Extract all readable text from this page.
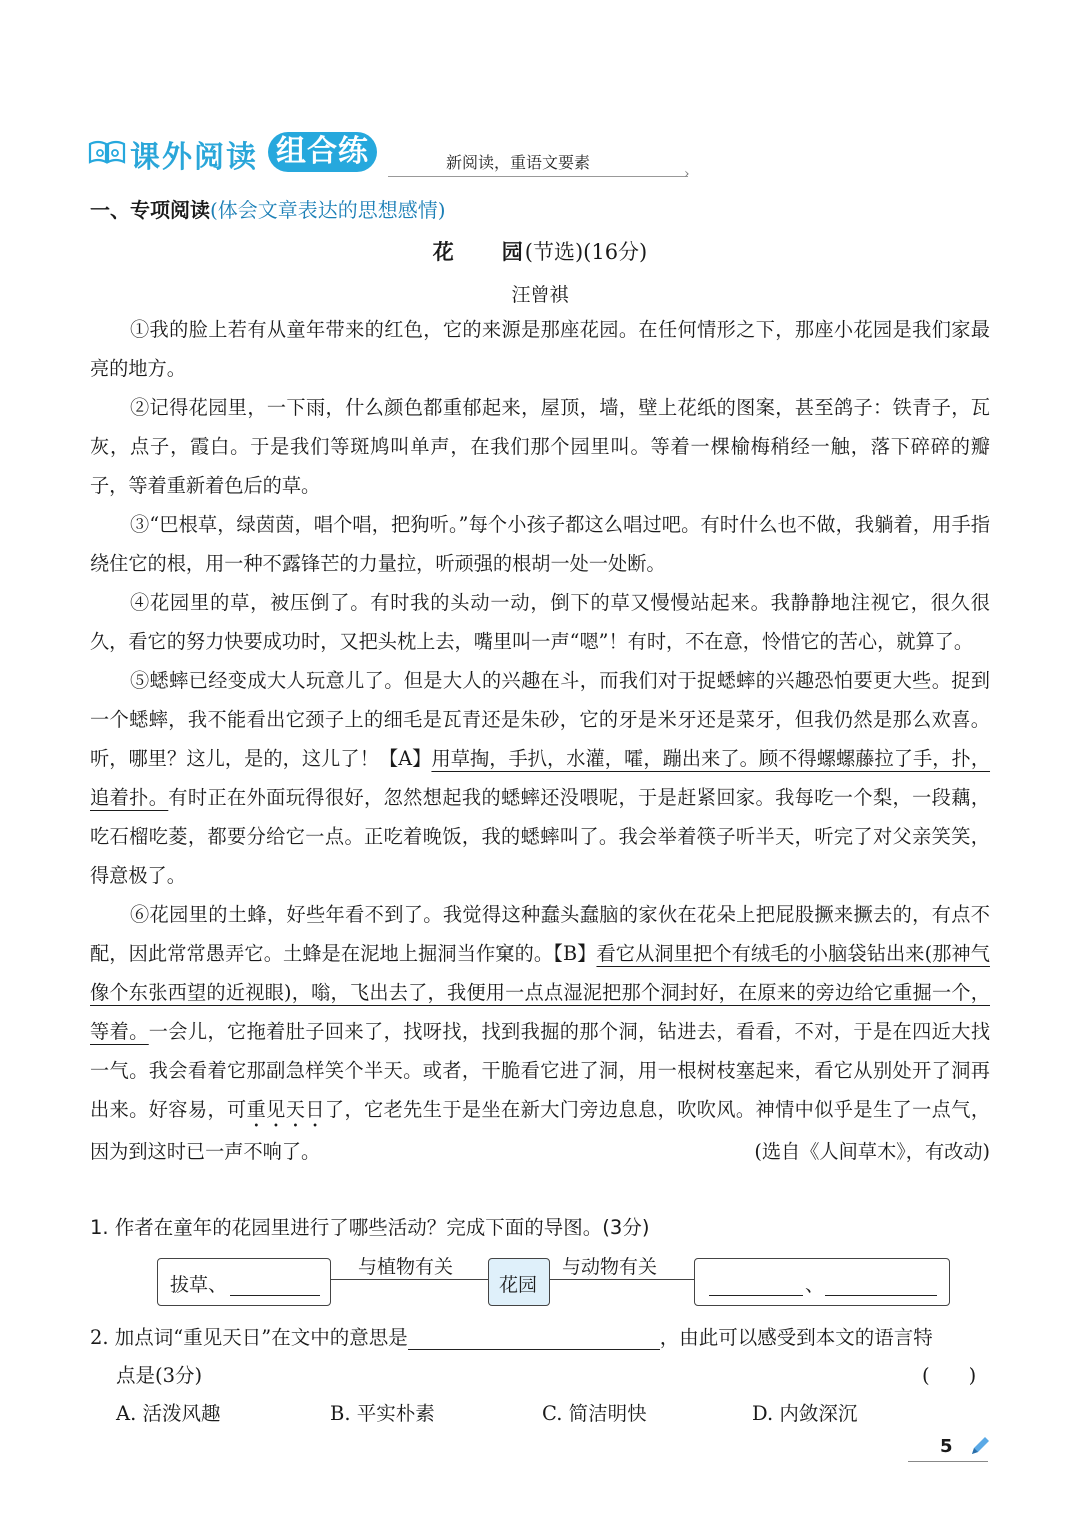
课外阅读 组合练	新阅读，重语文要素
›
一、专项阅读(体会文章表达的思想感情)
花　　园(节选)(16分)
汪曾祺

①我的脸上若有从童年带来的红色，它的来源是那座花园。在任何情形之下，那座小花园是我们家最亮的地方。

②记得花园里，一下雨，什么颜色都重郁起来，屋顶，墙，壁上花纸的图案，甚至鸽子：铁青子，瓦灰，点子，霞白。于是我们等斑鸠叫单声，在我们那个园里叫。等着一棵榆梅稍经一触，落下碎碎的瓣子，等着重新着色后的草。

③“巴根草，绿茵茵，唱个唱，把狗听。”每个小孩子都这么唱过吧。有时什么也不做，我躺着，用手指绕住它的根，用一种不露锋芒的力量拉，听顽强的根胡一处一处断。

④花园里的草，被压倒了。有时我的头动一动，倒下的草又慢慢站起来。我静静地注视它，很久很久，看它的努力快要成功时，又把头枕上去，嘴里叫一声“嗯”！有时，不在意，怜惜它的苦心，就算了。

⑤蟋蟀已经变成大人玩意儿了。但是大人的兴趣在斗，而我们对于捉蟋蟀的兴趣恐怕要更大些。捉到一个蟋蟀，我不能看出它颈子上的细毛是瓦青还是朱砂，它的牙是米牙还是菜牙，但我仍然是那么欢喜。听，哪里？这儿，是的，这儿了！【A】用草掏，手扒，水灌，嚯，蹦出来了。顾不得螺螺藤拉了手，扑，追着扑。有时正在外面玩得很好，忽然想起我的蟋蟀还没喂呢，于是赶紧回家。我每吃一个梨，一段藕，吃石榴吃菱，都要分给它一点。正吃着晚饭，我的蟋蟀叫了。我会举着筷子听半天，听完了对父亲笑笑，得意极了。

⑥花园里的土蜂，好些年看不到了。我觉得这种蠢头蠢脑的家伙在花朵上把屁股撅来撅去的，有点不配，因此常常愚弄它。土蜂是在泥地上掘洞当作窠的。【B】看它从洞里把个有绒毛的小脑袋钻出来(那神气像个东张西望的近视眼)，嗡，飞出去了，我便用一点点湿泥把那个洞封好，在原来的旁边给它重掘一个，等着。一会儿，它拖着肚子回来了，找呀找，找到我掘的那个洞，钻进去，看看，不对，于是在四近大找一气。我会看着它那副急样笑个半天。或者，干脆看它进了洞，用一根树枝塞起来，看它从别处开了洞再出来。好容易，可重见天日了，它老先生于是坐在新大门旁边息息，吹吹风。神情中似乎是生了一点气，因为到这时已一声不响了。	(选自《人间草木》，有改动)

1. 作者在童年的花园里进行了哪些活动？完成下面的导图。(3分)
拔草、
与植物有关
花园
与动物有关
、
2. 加点词“重见天日”在文中的意思是	，由此可以感受到本文的语言特
点是(3分)	(　　)
A. 活泼风趣	B. 平实朴素	C. 简洁明快	D. 内敛深沉
5
